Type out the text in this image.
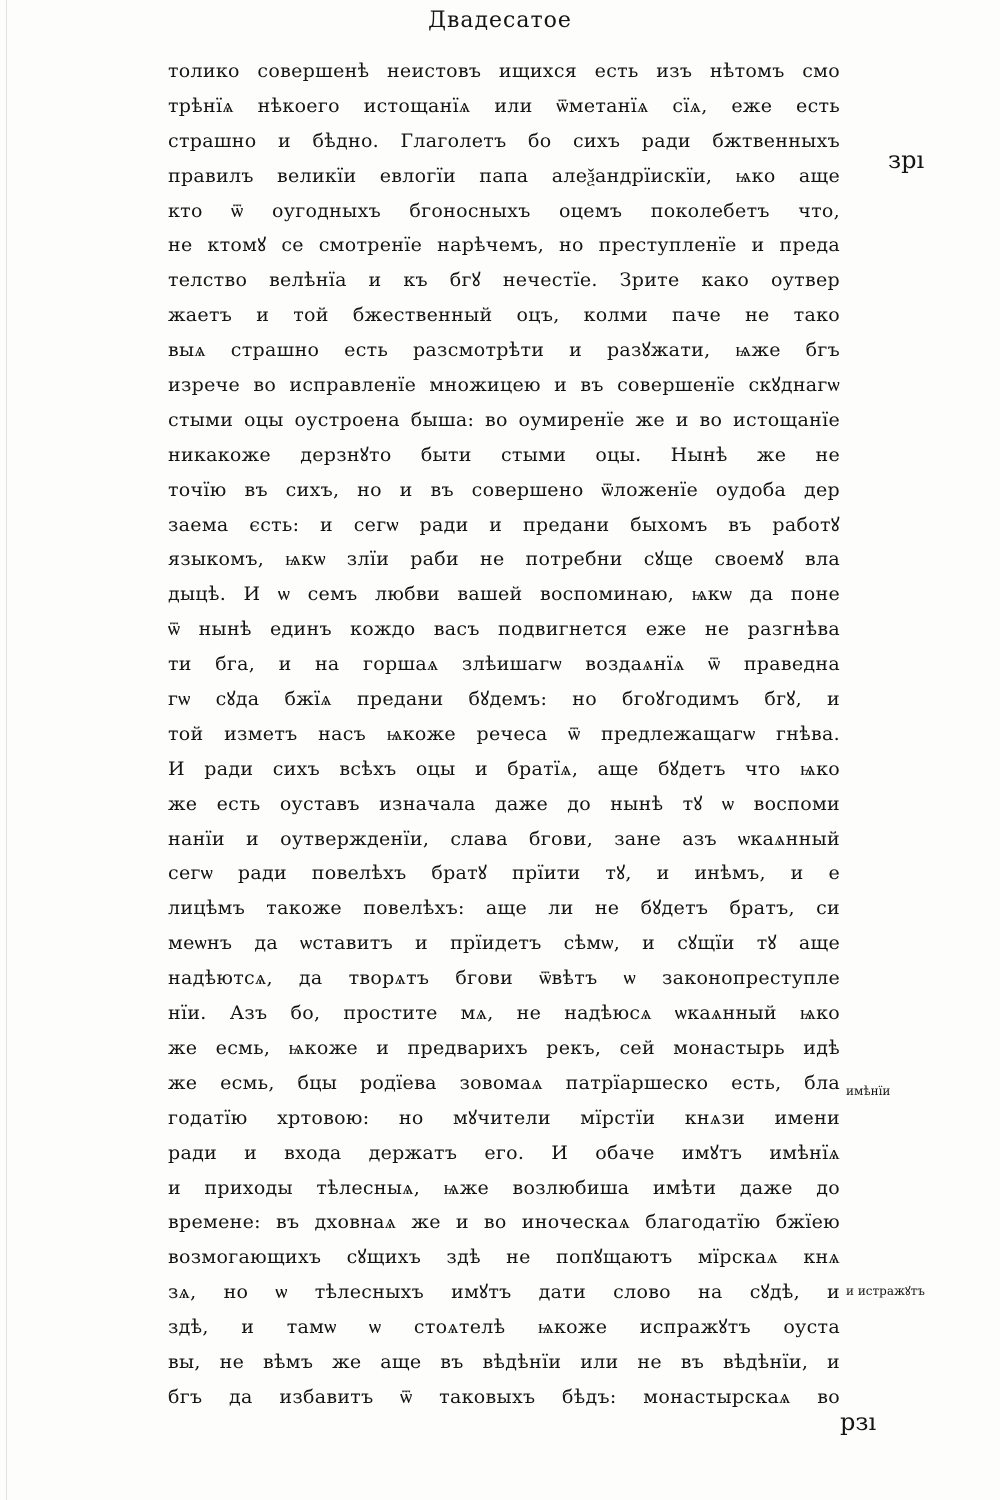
Двадесатое
толико совершенѣ неистовъ ищихся есть изъ нѣтомъ смо
трѣнїѧ нѣкоего истощанїѧ или ѿметанїѧ сїѧ, еже есть
страшно и бѣдно. Глаголетъ бо сихъ ради бжтвенныхъ
правилъ великїи евлогїи папа алеѯандрїискїи, ѩко аще
кто ѿ оугодныхъ бгоносныхъ оцемъ поколебетъ что,
не ктомꙋ се смотренїе нарѣчемъ, но преступленїе и преда
телство велѣнїа и къ бгꙋ нечестїе. Зрите како оутвер
жаетъ и той бжественный оцъ, колми паче не тако
выѧ страшно есть разсмотрѣти и разꙋжати, ѩже бгъ
изрече во исправленїе множицею и въ совершенїе скꙋднагѡ
стыми оцы оустроена быша: во оумиренїе же и во истощанїе
никакоже дерзнꙋто быти стыми оцы. Нынѣ же не
точїю въ сихъ, но и въ совершено ѿложенїе оудоба дер
заема єсть: и сегѡ ради и предани быхомъ въ работꙋ
языкомъ, ѩкѡ злїи раби не потребни сꙋще своемꙋ вла
дыцѣ. И ѡ семъ любви вашей воспоминаю, ѩкѡ да поне
ѿ нынѣ единъ кождо васъ подвигнется еже не разгнѣва
ти бга, и на горшаѧ злѣишагѡ воздаѧнїѧ ѿ праведна
гѡ сꙋда бжїѧ предани бꙋдемъ: но бгоꙋгодимъ бгꙋ, и
той изметъ насъ ѩкоже речеса ѿ предлежащагѡ гнѣва.
И ради сихъ всѣхъ оцы и братїѧ, аще бꙋдетъ что ѩко
же есть оуставъ изначала даже до нынѣ тꙋ ѡ воспоми
нанїи и оутвержденїи, слава бгови, зане азъ ѡкаѧнный
сегѡ ради повелѣхъ братꙋ прїити тꙋ, и инѣмъ, и е
лицѣмъ такоже повелѣхъ: аще ли не бꙋдетъ братъ, си
меѡнъ да ѡставитъ и прїидетъ сѣмѡ, и сꙋщїи тꙋ аще
надѣютсѧ, да творѧтъ бгови ѿвѣтъ ѡ законопреступле
нїи. Азъ бо, простите мѧ, не надѣюсѧ ѡкаѧнный ѩко
же есмь, ѩкоже и предварихъ рекъ, сей монастырь идѣ
же есмь, бцы родїева зовомаѧ патрїаршеско есть, бла
годатїю хртовою: но мꙋчители мїрстїи кнѧзи имени
ради и входа держатъ его. И обаче имꙋтъ имѣнїѧ
и приходы тѣлесныѧ, ѩже возлюбиша имѣти даже до
времене: въ дховнаѧ же и во иноческаѧ благодатїю бжїею
возмогающихъ сꙋщихъ здѣ не попꙋщаютъ мїрскаѧ кнѧ
зѧ, но ѡ тѣлесныхъ имꙋтъ дати слово на сꙋдѣ, и
здѣ, и тамѡ ѡ стоѧтелѣ ѩкоже испражꙋтъ оуста
вы, не вѣмъ же аще въ вѣдѣнїи или не въ вѣдѣнїи, и
бгъ да избавитъ ѿ таковыхъ бѣдъ: монастырскаѧ во
зрı
имѣнїи
и истражꙋтъ
рзı
